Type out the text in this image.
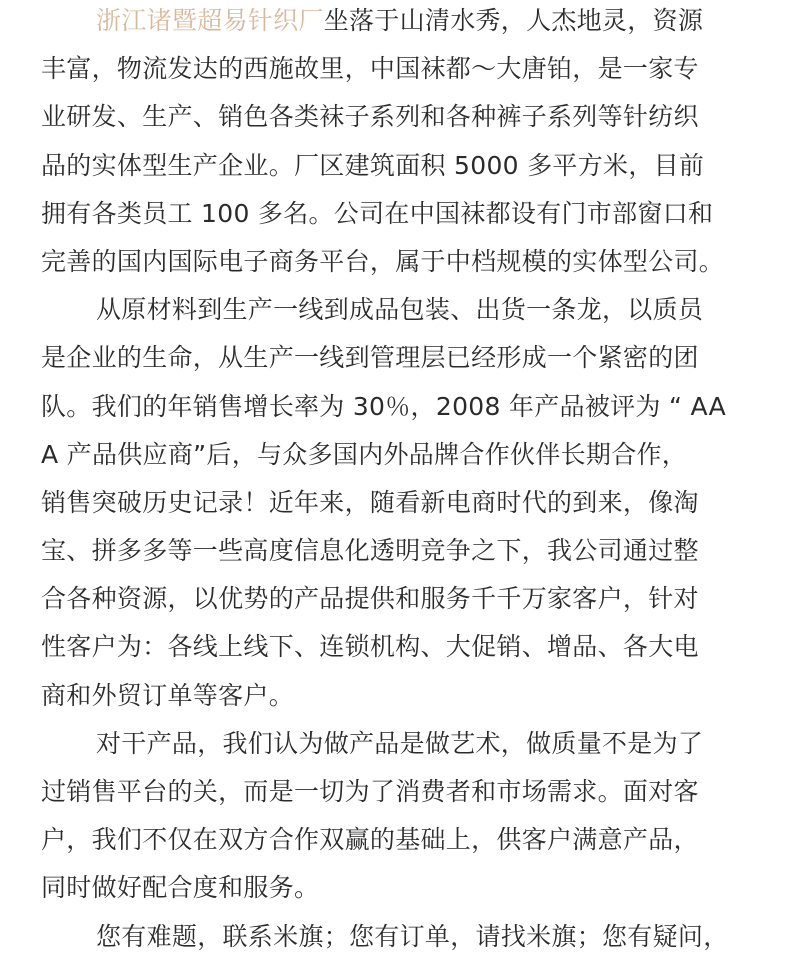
浙江诸暨超易针织厂坐落于山清水秀，人杰地灵，资源
丰富，物流发达的西施故里，中国袜都～大唐铂，是一家专
业研发、生产、销色各类袜子系列和各种裤子系列等针纺织
品的实体型生产企业。厂区建筑面积 5000 多平方米，目前
拥有各类员工 100 多名。公司在中国袜都设有门市部窗口和
完善的国内国际电子商务平台，属于中档规模的实体型公司。
从原材料到生产一线到成品包装、出货一条龙，以质员
是企业的生命，从生产一线到管理层已经形成一个紧密的团
队。我们的年销售增长率为 30％，2008 年产品被评为 “ AA
A 产品供应商”后，与众多国内外品牌合作伙伴长期合作，
销售突破历史记录！近年来，随看新电商时代的到来，像淘
宝、拼多多等一些高度信息化透明竞争之下，我公司通过整
合各种资源，以优势的产品提供和服务千千万家客户，针对
性客户为：各线上线下、连锁机构、大促销、增品、各大电
商和外贸订单等客户。
对干产品，我们认为做产品是做艺术，做质量不是为了
过销售平台的关，而是一切为了消费者和市场需求。面对客
户，我们不仅在双方合作双赢的基础上，供客户满意产品，
同时做好配合度和服务。
您有难题，联系米旗；您有订单，请找米旗；您有疑问，
